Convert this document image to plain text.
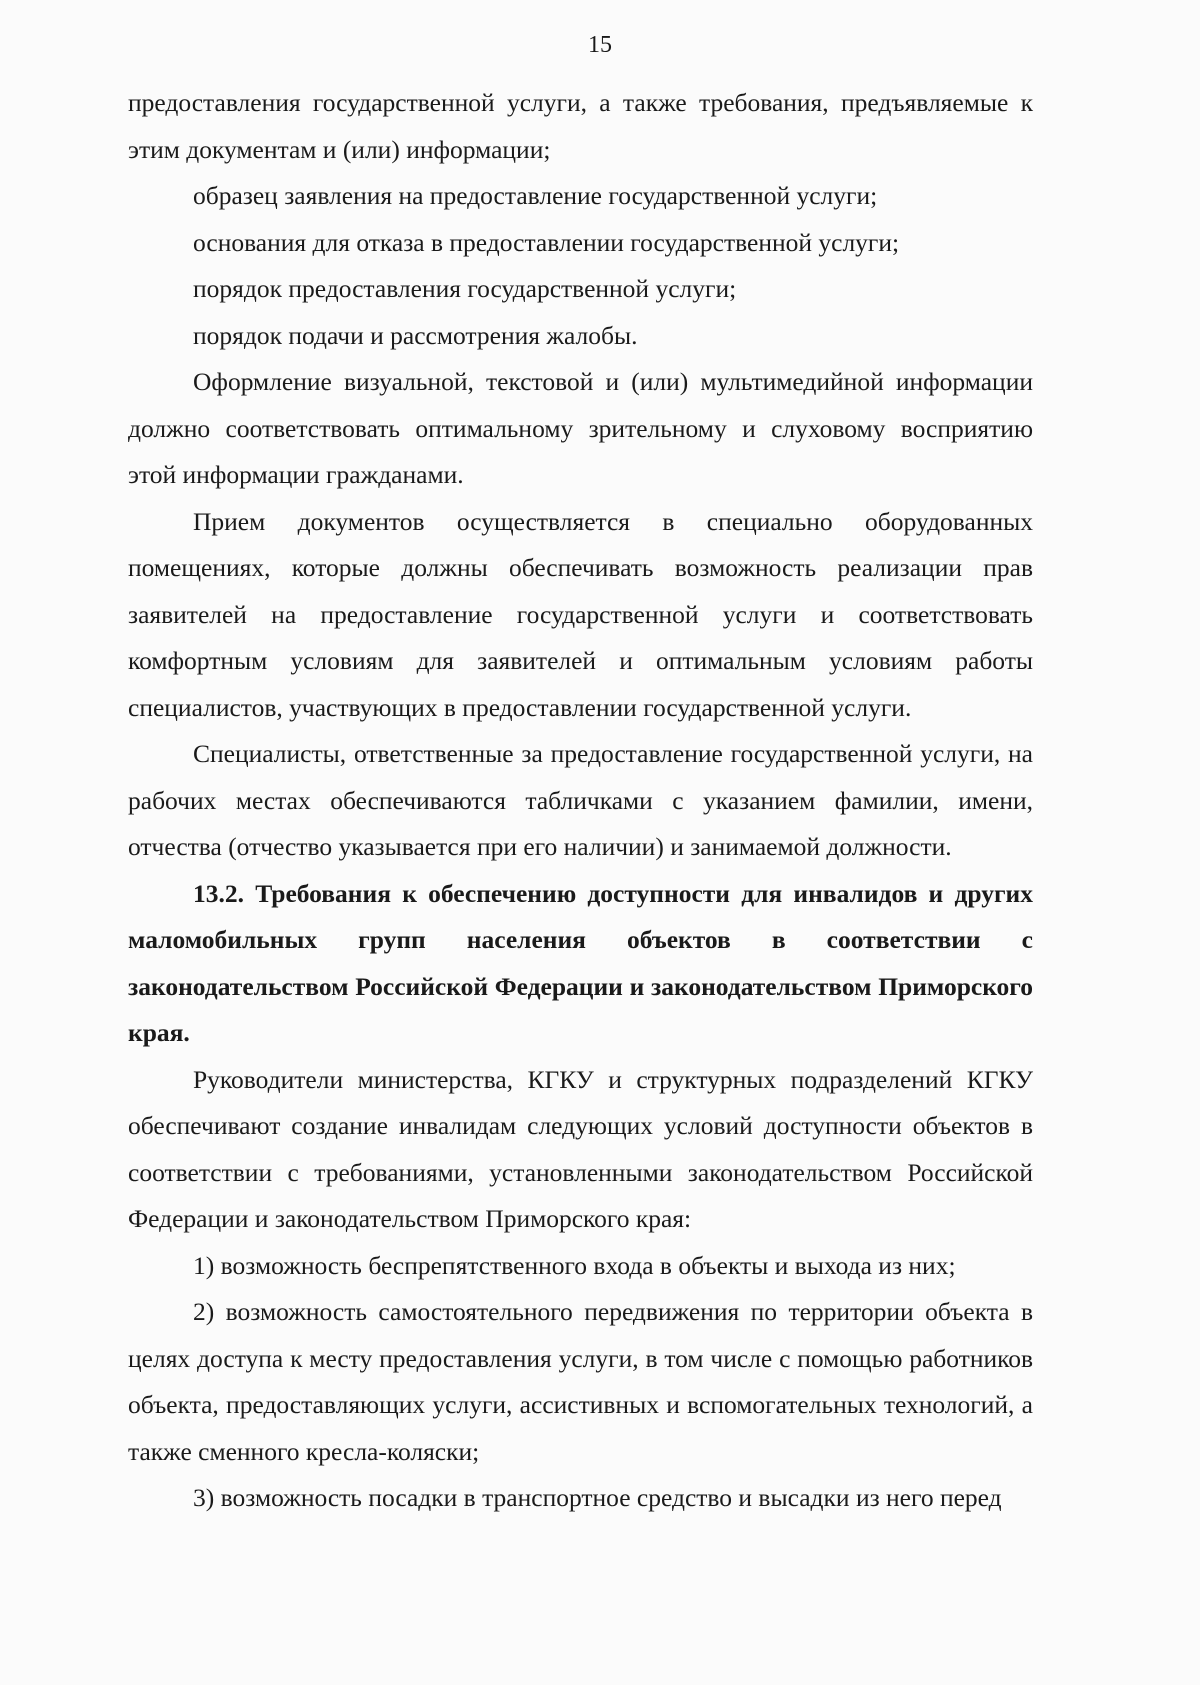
15

предоставления государственной услуги, а также требования, предъявляемые к этим документам и (или) информации;

образец заявления на предоставление государственной услуги;

основания для отказа в предоставлении государственной услуги;

порядок предоставления государственной услуги;

порядок подачи и рассмотрения жалобы.

Оформление визуальной, текстовой и (или) мультимедийной информации должно соответствовать оптимальному зрительному и слуховому восприятию этой информации гражданами.

Прием документов осуществляется в специально оборудованных помещениях, которые должны обеспечивать возможность реализации прав заявителей на предоставление государственной услуги и соответствовать комфортным условиям для заявителей и оптимальным условиям работы специалистов, участвующих в предоставлении государственной услуги.

Специалисты, ответственные за предоставление государственной услуги, на рабочих местах обеспечиваются табличками с указанием фамилии, имени, отчества (отчество указывается при его наличии) и занимаемой должности.

13.2. Требования к обеспечению доступности для инвалидов и других маломобильных групп населения объектов в соответствии с законодательством Российской Федерации и законодательством Приморского края.

Руководители министерства, КГКУ и структурных подразделений КГКУ обеспечивают создание инвалидам следующих условий доступности объектов в соответствии с требованиями, установленными законодательством Российской Федерации и законодательством Приморского края:

1) возможность беспрепятственного входа в объекты и выхода из них;

2) возможность самостоятельного передвижения по территории объекта в целях доступа к месту предоставления услуги, в том числе с помощью работников объекта, предоставляющих услуги, ассистивных и вспомогательных технологий, а также сменного кресла-коляски;

3) возможность посадки в транспортное средство и высадки из него перед
